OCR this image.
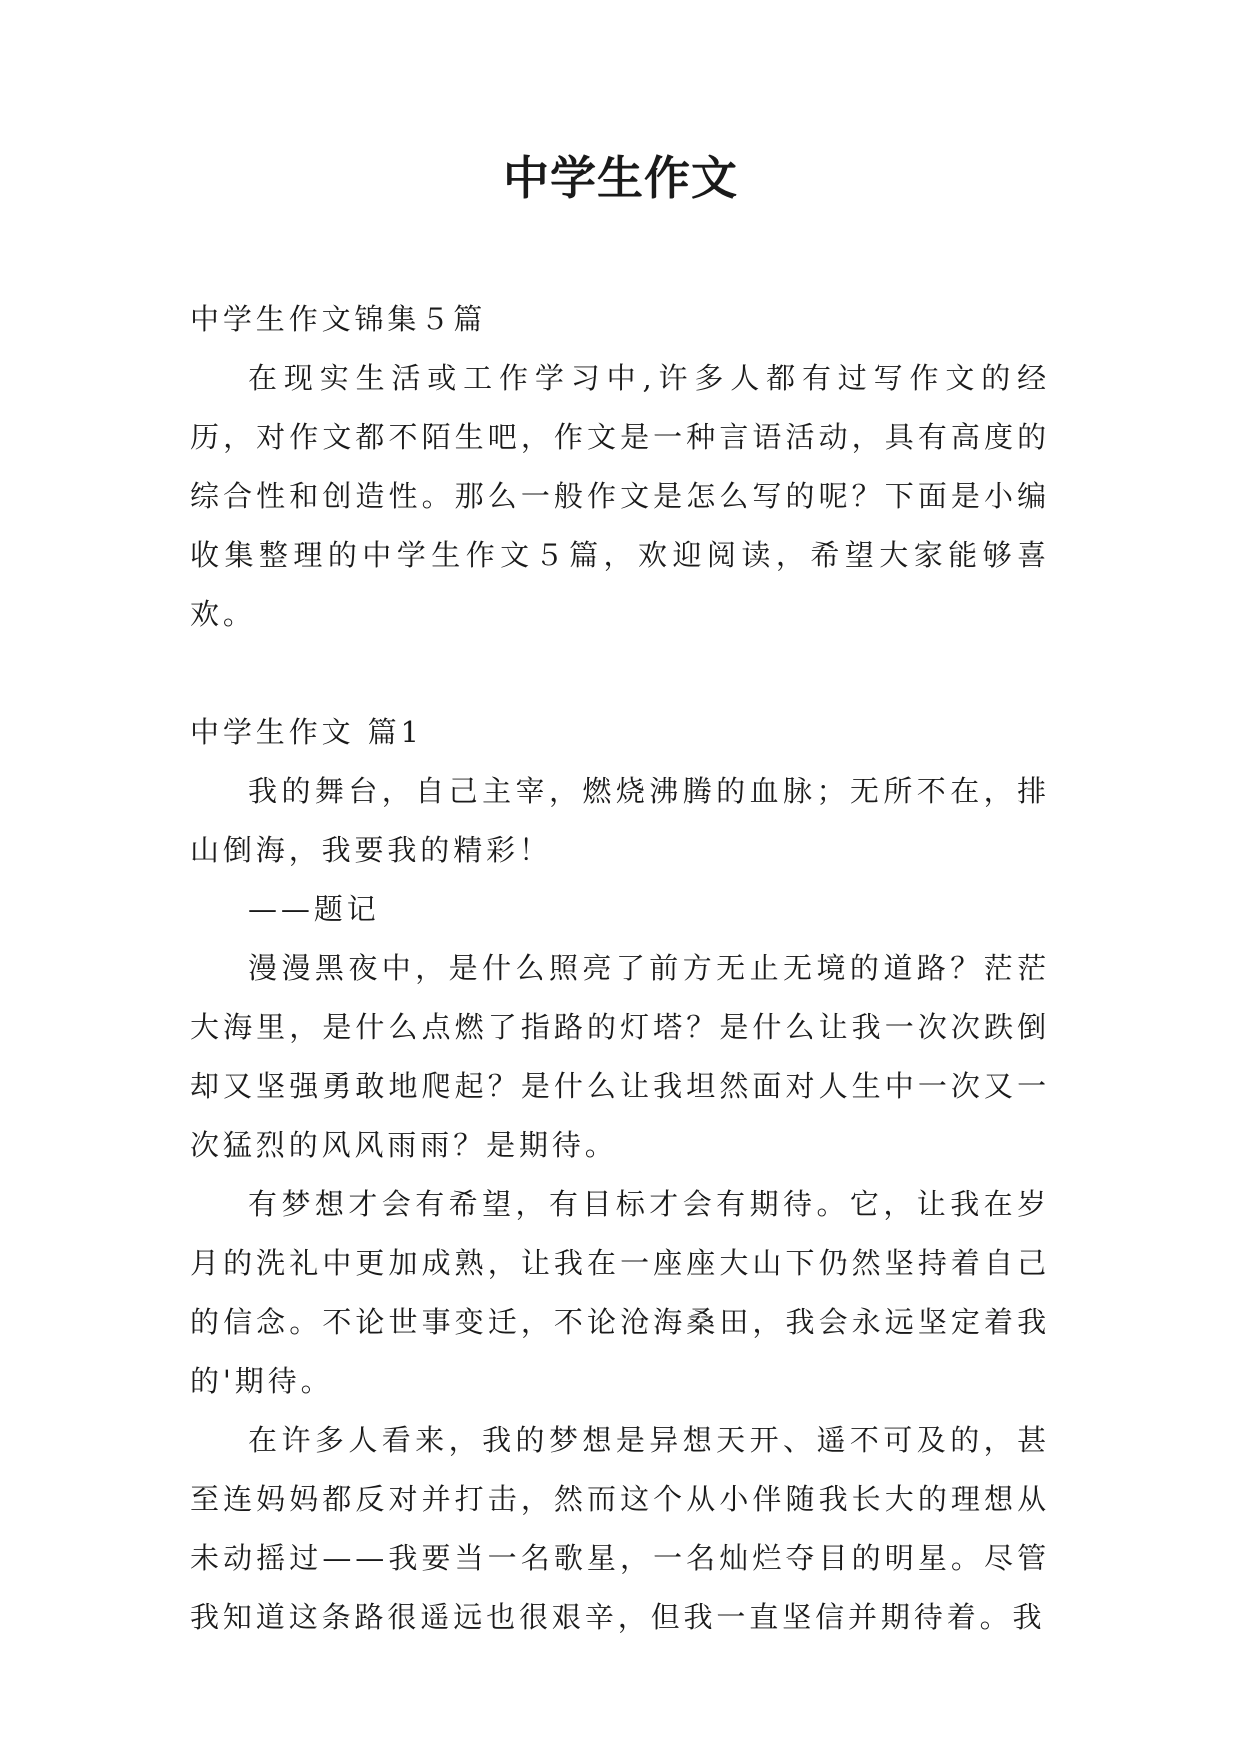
中学生作文

中学生作文锦集５篇

在现实生活或工作学习中,许多人都有过写作文的经历，对作文都不陌生吧，作文是一种言语活动，具有高度的综合性和创造性。那么一般作文是怎么写的呢？下面是小编收集整理的中学生作文５篇，欢迎阅读，希望大家能够喜欢。

中学生作文 篇1

我的舞台，自己主宰，燃烧沸腾的血脉；无所不在，排山倒海，我要我的精彩！

——题记

漫漫黑夜中，是什么照亮了前方无止无境的道路？茫茫大海里，是什么点燃了指路的灯塔？是什么让我一次次跌倒却又坚强勇敢地爬起？是什么让我坦然面对人生中一次又一次猛烈的风风雨雨？是期待。

有梦想才会有希望，有目标才会有期待。它，让我在岁月的洗礼中更加成熟，让我在一座座大山下仍然坚持着自己的信念。不论世事变迁，不论沧海桑田，我会永远坚定着我的'期待。

在许多人看来，我的梦想是异想天开、遥不可及的，甚至连妈妈都反对并打击，然而这个从小伴随我长大的理想从未动摇过——我要当一名歌星，一名灿烂夺目的明星。尽管我知道这条路很遥远也很艰辛，但我一直坚信并期待着。我
